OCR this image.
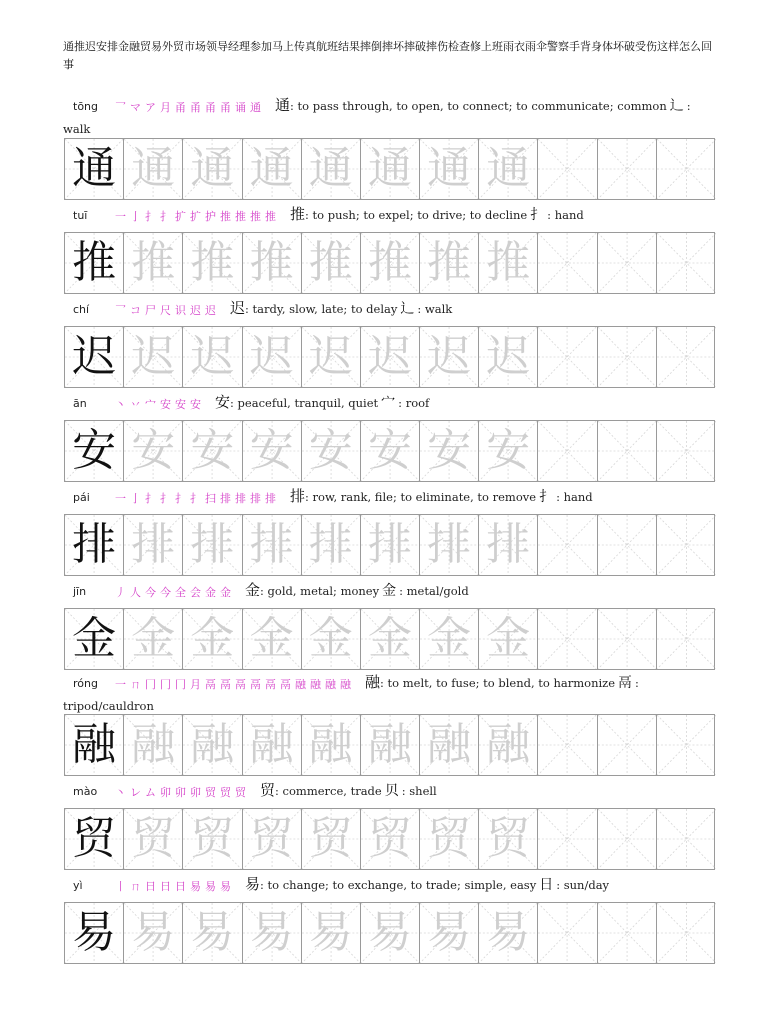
通推迟安排金融贸易外贸市场领导经理参加马上传真航班结果摔倒摔坏摔破摔伤检查修上班雨衣雨伞警察手背身体坏破受伤这样怎么回事
tōng 乛 マ ア 月 甬 甬 甬 甬 诵 通 通: to pass through, to open, to connect; to communicate; common 辶 : walk
通 通 通 通 通 通 通 通
tuī	一 亅 扌 扌 扩 扩 护 推 推 推 推 推: to push; to expel; to drive; to decline 扌 : hand
推 推 推 推 推 推 推 推
chí 乛 コ 尸 尺 识 迟 迟 迟: tardy, slow, late; to delay 辶 : walk
迟 迟 迟 迟 迟 迟 迟 迟
ān	丶 丷 宀 安 安 安 安: peaceful, tranquil, quiet 宀 : roof
安 安 安 安 安 安 安 安
pái 一 亅 扌 扌 扌 扌 扫 排 排 排 排 排: row, rank, file; to eliminate, to remove 扌 : hand
排 排 排 排 排 排 排 排
jīn	丿 人 今 今 全 会 金 金 金: gold, metal; money 金 : metal/gold
金 金 金 金 金 金 金 金
róng 一 ㄇ 冂 冂 冂 月 鬲 鬲 鬲 鬲 鬲 鬲 融 融 融 融 融: to melt, to fuse; to blend, to harmonize 鬲 : tripod/cauldron
融 融 融 融 融 融 融 融
mào 丶 レ ム 卯 卯 卯 贸 贸 贸 贸: commerce, trade 贝 : shell
贸 贸 贸 贸 贸 贸 贸 贸
yì	丨 ㄇ 日 日 日 易 易 易 易: to change; to exchange, to trade; simple, easy 日 : sun/day
易 易 易 易 易 易 易 易
